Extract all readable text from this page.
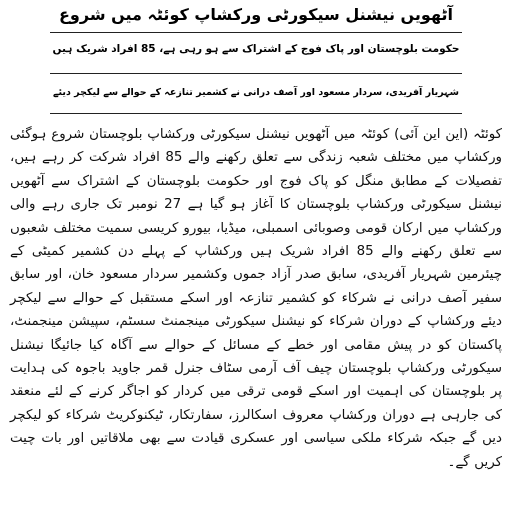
آٹھویں نیشنل سیکورٹی ورکشاپ کوئٹہ میں شروع
حکومت بلوچستان اور پاک فوج کے اشتراک سے ہو رہی ہے، 85 افراد شریک ہیں
شہریار آفریدی، سردار مسعود اور آصف درانی نے کشمیر تنازعہ کے حوالے سے لیکچر دیئے

کوئٹہ (این این آئی) کوئٹہ میں آٹھویں نیشنل سیکورٹی ورکشاپ بلوچستان شروع ہوگئی ورکشاپ میں مختلف شعبہ زندگی سے تعلق رکھنے والے 85 افراد شرکت کر رہے ہیں، تفصیلات کے مطابق منگل کو پاک فوج اور حکومت بلوچستان کے اشتراک سے آٹھویں نیشنل سیکورٹی ورکشاپ بلوچستان کا آغاز ہو گیا ہے 27 نومبر تک جاری رہے والی ورکشاپ میں ارکان قومی وصوبائی اسمبلی، میڈیا، بیورو کریسی سمیت مختلف شعبوں سے تعلق رکھنے والے 85 افراد شریک ہیں ورکشاپ کے پہلے دن کشمیر کمیٹی کے چیئرمین شہریار آفریدی، سابق صدر آزاد جموں وکشمیر سردار مسعود خان، اور سابق سفیر آصف درانی نے شرکاء کو کشمیر تنازعہ اور اسکے مستقبل کے حوالے سے لیکچر دیئے ورکشاپ کے دوران شرکاء کو نیشنل سیکورٹی مینجمنٹ سسٹم، سپیشن مینجمنٹ، پاکستان کو در پیش مقامی اور خطے کے مسائل کے حوالے سے آگاہ کیا جائیگا نیشنل سیکورٹی ورکشاپ بلوچستان چیف آف آرمی سٹاف جنرل قمر جاوید باجوہ کی ہدایت پر بلوچستان کی اہمیت اور اسکے قومی ترقی میں کردار کو اجاگر کرنے کے لئے منعقد کی جارہی ہے دوران ورکشاپ معروف اسکالرز، سفارتکار، ٹیکنوکریٹ شرکاء کو لیکچر دیں گے جبکہ شرکاء ملکی سیاسی اور عسکری قیادت سے بھی ملاقاتیں اور بات چیت کریں گے۔
